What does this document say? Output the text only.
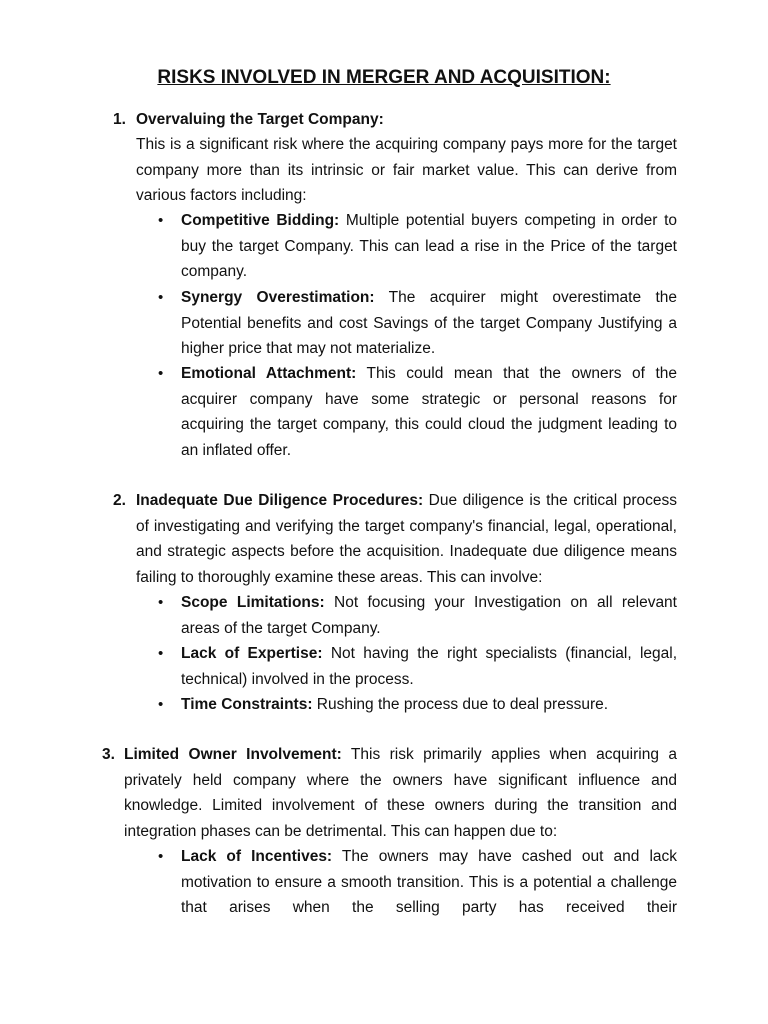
RISKS INVOLVED IN MERGER AND ACQUISITION:
1. Overvaluing the Target Company:
This is a significant risk where the acquiring company pays more for the target company more than its intrinsic or fair market value. This can derive from various factors including:
• Competitive Bidding: Multiple potential buyers competing in order to buy the target Company. This can lead a rise in the Price of the target company.
• Synergy Overestimation: The acquirer might overestimate the Potential benefits and cost Savings of the target Company Justifying a higher price that may not materialize.
• Emotional Attachment: This could mean that the owners of the acquirer company have some strategic or personal reasons for acquiring the target company, this could cloud the judgment leading to an inflated offer.
2. Inadequate Due Diligence Procedures: Due diligence is the critical process of investigating and verifying the target company's financial, legal, operational, and strategic aspects before the acquisition. Inadequate due diligence means failing to thoroughly examine these areas. This can involve:
• Scope Limitations: Not focusing your Investigation on all relevant areas of the target Company.
• Lack of Expertise: Not having the right specialists (financial, legal, technical) involved in the process.
• Time Constraints: Rushing the process due to deal pressure.
3. Limited Owner Involvement: This risk primarily applies when acquiring a privately held company where the owners have significant influence and knowledge. Limited involvement of these owners during the transition and integration phases can be detrimental. This can happen due to:
• Lack of Incentives: The owners may have cashed out and lack motivation to ensure a smooth transition. This is a potential a challenge that arises when the selling party has received their
